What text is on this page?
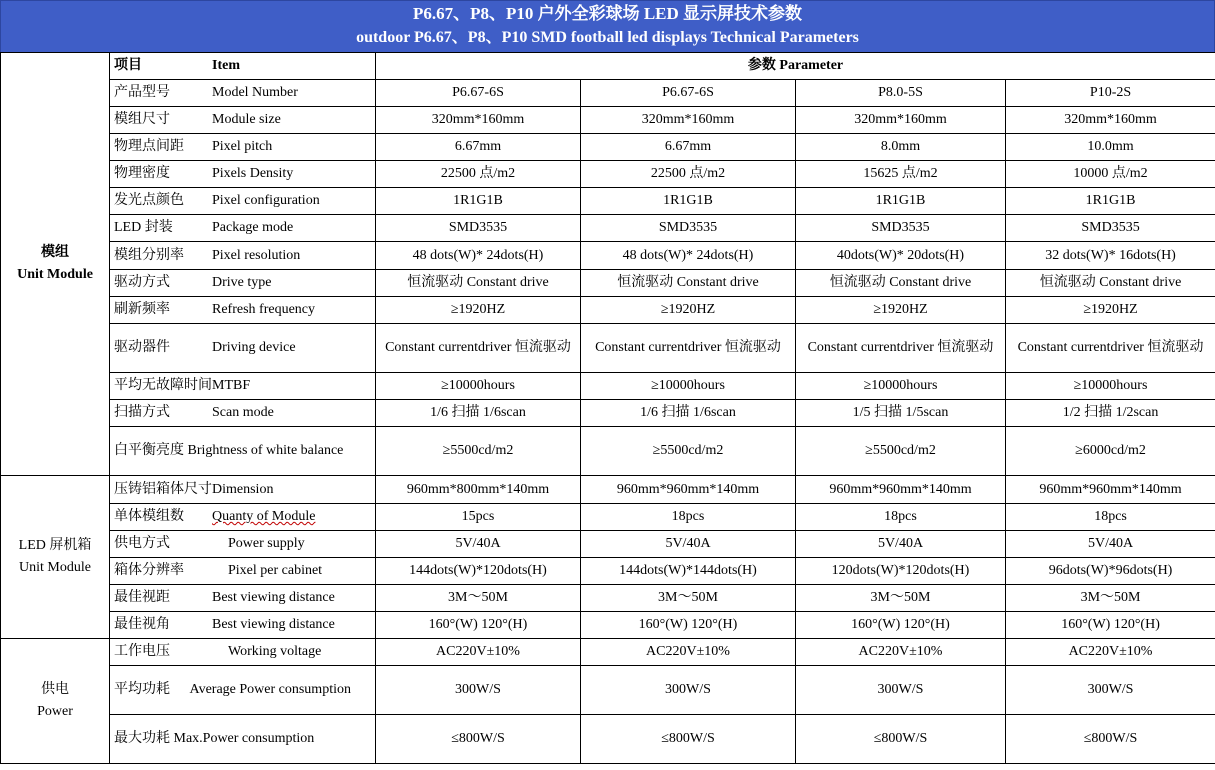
P6.67、P8、P10 户外全彩球场 LED 显示屏技术参数
outdoor P6.67、P8、P10 SMD football led displays Technical Parameters
模组
Unit Module	项目 Item	参数 Parameter			
	产品型号 Model Number	P6.67-6S	P6.67-6S	P8.0-5S	P10-2S
	模组尺寸 Module size	320mm*160mm	320mm*160mm	320mm*160mm	320mm*160mm
	物理点间距 Pixel pitch	6.67mm	6.67mm	8.0mm	10.0mm
	物理密度 Pixels Density	22500 点/m2	22500 点/m2	15625 点/m2	10000 点/m2
	发光点颜色 Pixel configuration	1R1G1B	1R1G1B	1R1G1B	1R1G1B
	LED 封装 Package mode	SMD3535	SMD3535	SMD3535	SMD3535
	模组分别率 Pixel resolution	48 dots(W)* 24dots(H)	48 dots(W)* 24dots(H)	40dots(W)* 20dots(H)	32 dots(W)* 16dots(H)
	驱动方式 Drive type	恒流驱动 Constant drive	恒流驱动 Constant drive	恒流驱动 Constant drive	恒流驱动 Constant drive
	刷新频率 Refresh frequency	≥1920HZ	≥1920HZ	≥1920HZ	≥1920HZ
	驱动器件 Driving device	Constant currentdriver 恒流驱动	Constant currentdriver 恒流驱动	Constant currentdriver 恒流驱动	Constant currentdriver 恒流驱动
	平均无故障时间MTBF	≥10000hours	≥10000hours	≥10000hours	≥10000hours
	扫描方式 Scan mode	1/6 扫描 1/6scan	1/6 扫描 1/6scan	1/5 扫描 1/5scan	1/2 扫描 1/2scan
	白平衡亮度 Brightness of white balance	≥5500cd/m2	≥5500cd/m2	≥5500cd/m2	≥6000cd/m2

LED 屏机箱
Unit Module	压铸铝箱体尺寸Dimension	960mm*800mm*140mm	960mm*960mm*140mm	960mm*960mm*140mm	960mm*960mm*140mm
	单体模组数 Quanty of Module	15pcs	18pcs	18pcs	18pcs
	供电方式 Power supply	5V/40A	5V/40A	5V/40A	5V/40A
	箱体分辨率 Pixel per cabinet	144dots(W)*120dots(H)	144dots(W)*144dots(H)	120dots(W)*120dots(H)	96dots(W)*96dots(H)
	最佳视距 Best viewing distance	3M～50M	3M～50M	3M～50M	3M～50M
	最佳视角 Best viewing distance	160°(W) 120°(H)	160°(W) 120°(H)	160°(W) 120°(H)	160°(W) 120°(H)

供电
Power	工作电压 Working voltage	AC220V±10%	AC220V±10%	AC220V±10%	AC220V±10%
	平均功耗 Average Power consumption	300W/S	300W/S	300W/S	300W/S
	最大功耗 Max.Power consumption	≤800W/S	≤800W/S	≤800W/S	≤800W/S
